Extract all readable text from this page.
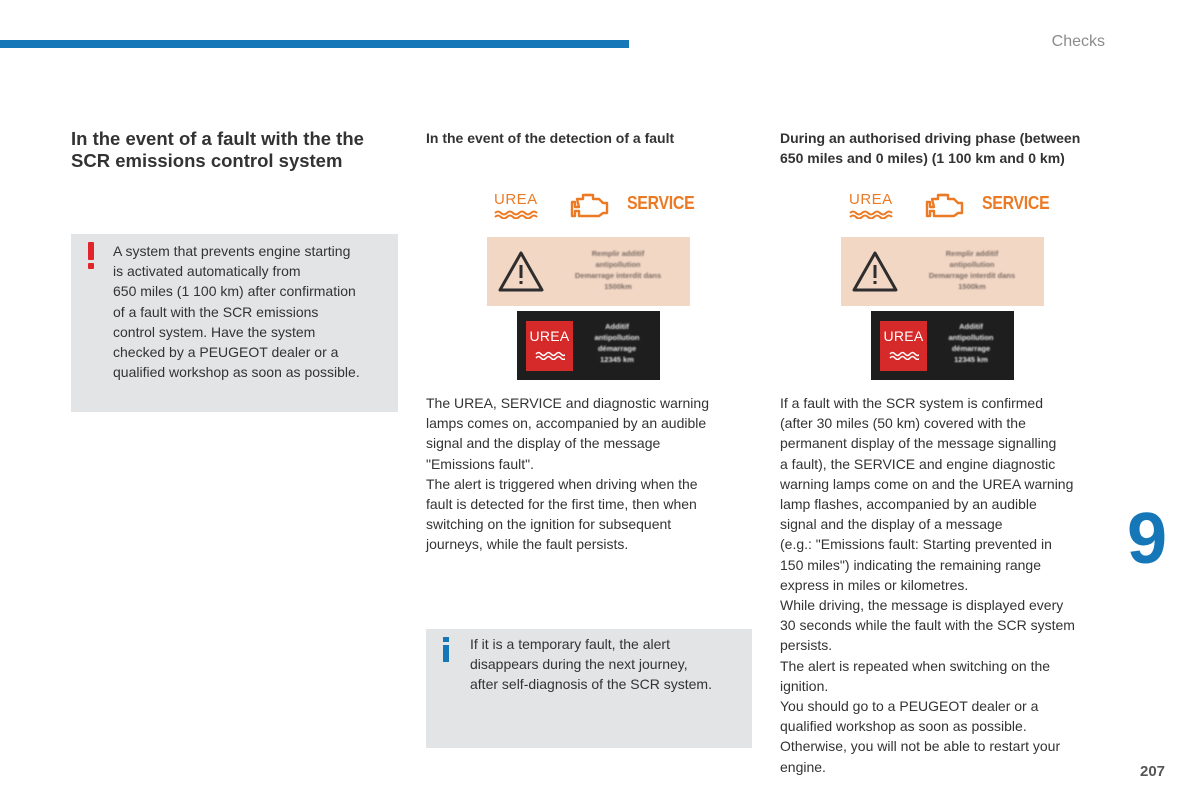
Checks
In the event of a fault with the the
SCR emissions control system
A system that prevents engine starting
is activated automatically from
650 miles (1 100 km) after confirmation
of a fault with the SCR emissions
control system. Have the system
checked by a PEUGEOT dealer or a
qualified workshop as soon as possible.
In the event of the detection of a fault
UREA	SERVICE
Remplir additif
antipollution
Demarrage interdit dans
1500km
UREA
Additif
antipollution
démarrage
12345 km
The UREA, SERVICE and diagnostic warning
lamps comes on, accompanied by an audible
signal and the display of the message
"Emissions fault".
The alert is triggered when driving when the
fault is detected for the first time, then when
switching on the ignition for subsequent
journeys, while the fault persists.
If it is a temporary fault, the alert
disappears during the next journey,
after self-diagnosis of the SCR system.
During an authorised driving phase (between
650 miles and 0 miles) (1 100 km and 0 km)
UREA	SERVICE
Remplir additif
antipollution
Demarrage interdit dans
1500km
UREA
Additif
antipollution
démarrage
12345 km
If a fault with the SCR system is confirmed
(after 30 miles (50 km) covered with the
permanent display of the message signalling
a fault), the SERVICE and engine diagnostic
warning lamps come on and the UREA warning
lamp flashes, accompanied by an audible
signal and the display of a message
(e.g.: "Emissions fault: Starting prevented in
150 miles") indicating the remaining range
express in miles or kilometres.
While driving, the message is displayed every
30 seconds while the fault with the SCR system
persists.
The alert is repeated when switching on the
ignition.
You should go to a PEUGEOT dealer or a
qualified workshop as soon as possible.
Otherwise, you will not be able to restart your
engine.
9
207
